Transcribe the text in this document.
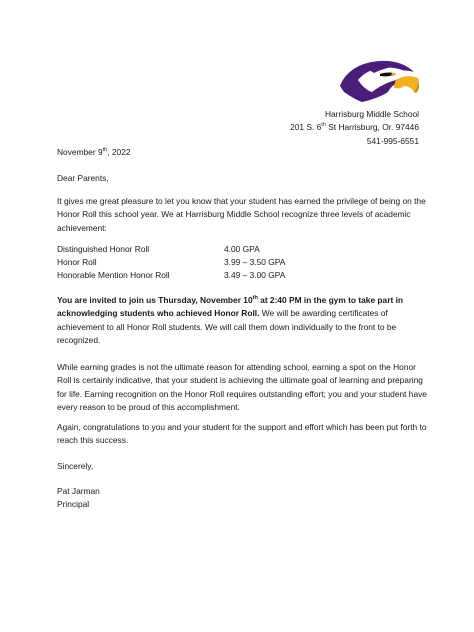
Harrisburg Middle School
201 S. 6th St Harrisburg, Or. 97446
541-995-6551
November 9th, 2022
Dear Parents,
It gives me great pleasure to let you know that your student has earned the privilege of being on the Honor Roll this school year. We at Harrisburg Middle School recognize three levels of academic achievement:
Distinguished Honor Roll	4.00 GPA
Honor Roll	3.99 – 3.50 GPA
Honorable Mention Honor Roll	3.49 – 3.00 GPA
You are invited to join us Thursday, November 10th at 2:40 PM in the gym to take part in acknowledging students who achieved Honor Roll. We will be awarding certificates of achievement to all Honor Roll students. We will call them down individually to the front to be recognized.
While earning grades is not the ultimate reason for attending school, earning a spot on the Honor Roll is certainly indicative, that your student is achieving the ultimate goal of learning and preparing for life. Earning recognition on the Honor Roll requires outstanding effort; you and your student have every reason to be proud of this accomplishment.
Again, congratulations to you and your student for the support and effort which has been put forth to reach this success.
Sincerely,
Pat Jarman
Principal
